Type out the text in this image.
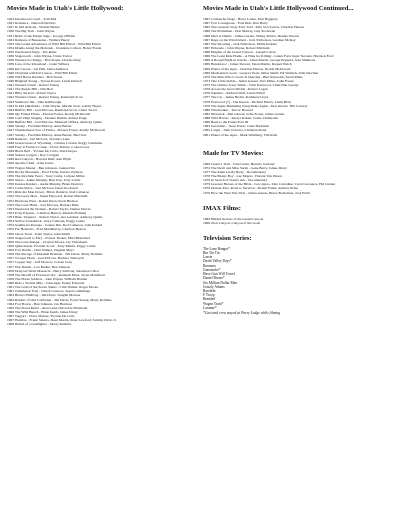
Movies Made in Utah's Little Hollywood:
1924 Deadwood Coach - Tom Mix
1925 Romance - Deborah Del Rio
1927 In Old Arizona - Warner Baxter
1930 The Big Trail - John Wayne
1931 Rider of the Purple Sage - George O'Brien
1932 Ramona of Beauseina - Wallace Beery
1933 The Grand Adventures of Wild Bill Elliott - Wild Bill Elliott
1934 Drums Along the Mohawk - Claudette Colbert, Henry Fonda
1935 Westbound Stage - Tex Ritter
1936 Stagecoach - John Wayne, Claire Trevor
1939 Western Ice Range - Bob Steele, Charles King
1939 Lure of the Wasteland - Grant Withers
1940 Kit Carson - Jon Hall, Dana Andrews
1940 Overland with Kit Carson - Wild Bill Elliott
1940 Wild Horse Rustlers - Bob Steele
1940 Brigham Young - Tyrone Power, Linda Darnell
1941 Western Union - Robert Young
1941 The Purple Hill - Tim Holt
1941 Billy the Kid - Robert Taylor
1942 Western Union - Robert Young, Randolph Scott
1943 Sundown Jim - John Kimbrough
1943 In Old Oklahoma - John Wayne, Martha Scott, Gabby Hayes
1944 Buffalo Bill - Joel McCrea, Randolph Scott, Claire Trevor
1946 My Friend Flicka - Preston Foster, Roddy McDowall
1946 Can't Help Singing - Deanna Durbin, Robert Paige
1946 Buffalo Bill - Joel McCrea, Maureen O'Hara, Anthony Quinn
1946 Smoky - Fred MacMurray, Anne Baxter
1947 Thunderhead, Son of Flicka - Preston Foster, Roddy McDowall
1947 Smoky - Fred MacMurray, Anne Baxter, Burl Ives
1948 Ramrod - Joel McCrea, Veronica Lake
1948 Green Grass of Wyoming - Charles Coburn, Peggy Cummins
1948 Fury at Furnace Creek - Victor Mature, Coleen Gray
1949 Black Bart - Yvonne De Carlo, Dan Duryea
1949 Station Canyon - Ray Corrigan
1949 Red Canyon - Howard Duff, Ann Blyth
1949 Apache Chief - Alan Curtis
1950 Wagon Master - Ben Johnson, Joanne Dru
1950 Rocky Mountain - Errol Flynn, Patrice Wymore
1950 The Rawhide Years - Tony Curtis, Colleen Miller
1950 Sierra - Audie Murphy, Burl Ives, Tony Curtis
1950 Kansas Raiders - Audie Murphy, Brian Donlevy
1951 Cattle Drive - Joel McCrea, Dean Stockwell
1951 Ride the Man Down - Brian Donlevy, Rod Cameron
1952 The Lusty Men - Susan Hayward, Robert Mitchum
1952 Horizons West - Robert Ryan, Rock Hudson
1953 The Lone Hand - Joel McCrea, Barbara Hale
1953 Westward the Women - Robert Taylor, Denise Darcel
1953 Pony Express - Charlton Heston, Rhonda Fleming
1953 Ride, Vaquero! - Robert Taylor, Ava Gardner, Anthony Quinn
1954 Yellow Tomahawk - Rory Calhoun, Peggy Castle
1954 Southwest Passage - Joanne Dru, Rod Cameron, John Ireland
1955 Far Horizons - Fred MacMurray, Charlton Heston
1956 Ghost Town - Kent Taylor, John Smith
1956 Stagecoach to Fury - Forrest Tucker, Mari Blanchard
1956 The Lone Ranger - Clayton Moore, Jay Silverheels
1956 Quincannon, Frontier Scout - Tony Martin, Peggy Castle
1956 Fort Dobbs - Clint Walker, Virginia Mayo
1956 The Ravage of Marshall Brennan - Jim Davis, Marty Robbins
1957 Trooper Hook - Joel McCrea, Barbara Stanwyck
1957 Copper Sky - Jeff Morrow, Coleen Gray
1957 War Drums - Lex Barker, Ben Johnson
1958 Dragoon Wells Massacre - Barry Sullivan, Sebastian Cabot
1958 The Sheriff of Fractured Jaw - Kenneth More, Jayne Mansfield
1959 The Horse Soldiers - John Wayne, William Holden
1960 Ride a Violent Mile - John Agar, Penny Edwards
1961 The Gold of the Seven Saints - Clint Walker, Roger Moore
1961 Tomahawk Trail - Chuck Connors, Susan Cummings
1963 Bronco Bullfrog - Jim Davis, Vaughn Monroe
1964 Raiders of Old California - Jim Davis, Faron Young, Marty Robbins
1964 Fort Bowie - Ben Johnson, Jan Harrison
1965 The Proud Rebel - Alan Ladd, Olivia De Havilland
1966 The Wild Bunch - Brian Keith, James Drury
1967 Taggart - Victor Mature, Yvonne De Carlo
1967 Hombre - Frank Sinatra, Dean Martin, Peter Lawford, Sammy Davis Jr.
1968 Ballad of a Gunfighter - Marty Robbins
Movies Made in Utah's Little Hollywood Continued...
1967 Comanche Stage - Harry Lauter, Dan Haggerty
1967 Fort Courageous - Fred Beir, Don Barry
1965 The Greatest Story Ever Told - Max Von Sydow, Charlton Heston
1966 The Plainsman - Don Murray, Guy Stockwell
1966 Duel at Diablo - James Garner, Sidney Poitier, Dennis Weaver
1967 Rage on the Wind Island - Jack Nicholson, Gardner McKay
1967 The Shooting - Jack Nicholson, Millie Perkins
1967 Eldorado - John Wayne, Robert Mitchum
1968 Heights of the Grand Canyon - Joseph Cotten
1969 The Long Ride Home - A Time for Killing - Glenn Ford, Inger Stevens, Harrison Ford
1969 A Rough Night in Jericho - Dean Martin, George Peppard, Jean Simmons
1969 Bandolero! - James Stewart, Dean Martin, Raquel Welch
1969 Planet of the Apes - Charlton Heston, Roddy McDowall
1969 MacKenna's Gold - Gregory Peck, Omar Sharif, Eli Wallach, Julie Newmar
1970 The Man Who Loved Cat Dancing - Burt Reynolds, Sarah Miles
1973 One Little Indian - James Garner, Vera Miles, Jodie Foster
1975 The Outlaw Josey Wales - Clint Eastwood, Chief Dan George
1976 Across the Great Divide - Robert Logan
1976 Sanshiro - Richard Wolf, Linda Elliott
1977 The Car - James Brolin, Kathleen Lloyd
1978 Eastwood (?) - The Insects - Richard Harris, Linda Blair
1979 The Apple Dumpling Gang Rides Again - Don Knotts, Tim Conway
1980 Windwalker - Trevor Howard
1985 Maverick - Mel Gibson, Jodie Foster, James Garner
1988 Wild Horses - Sheryl Kahler, Jackie Chrisholm
1990 Back to the Future Part III
1993 Geronimo - Jason Patric, Gene Hackman
1995 Larger - John Travolta, Christian Slater
2001 Planet of the Apes - Mark Wahlberg, Tim Roth
Made for TV Movies:
1969 Custer's Trail - John Gavin, Beverly Garland
1974 The Devil and Miss Sarah - Gene Barry, James Drury
1977 The Alien Lively Body - Documentary
1978 The Bionic Boy - Lee Majors, Vincent Van Patten
1979 In Search of Noah's Ark - Documentary
1979 Greatest Heroes of the Bible - Lew Ayres, John Carradine, Carol Lawrence, Hal Linden
1979 Donner Pass: Road to Survival - Robert Fuller, Andrew Prine
1979 How the West Was Won - James Arness, Bruce Boxleitner, Jack Elam
IMAX Films:
1983 Hidden Secrets of the Grand Canyon
1996 Zion Canyon: Canyon of the Gods
Television Series:
The Lone Ranger*
Rin Tin Tin
Lassie
Death Valley Days*
Bonanza
Gunsmoke*
Have Gun Will Travel
Daniel Boone*
Six Million Dollar Man
Grizzly Adams
Rawhide
F Troop
Branded
Wagon Train*
Laramie*
*Cast and crew stayed at Parry Lodge while filming
